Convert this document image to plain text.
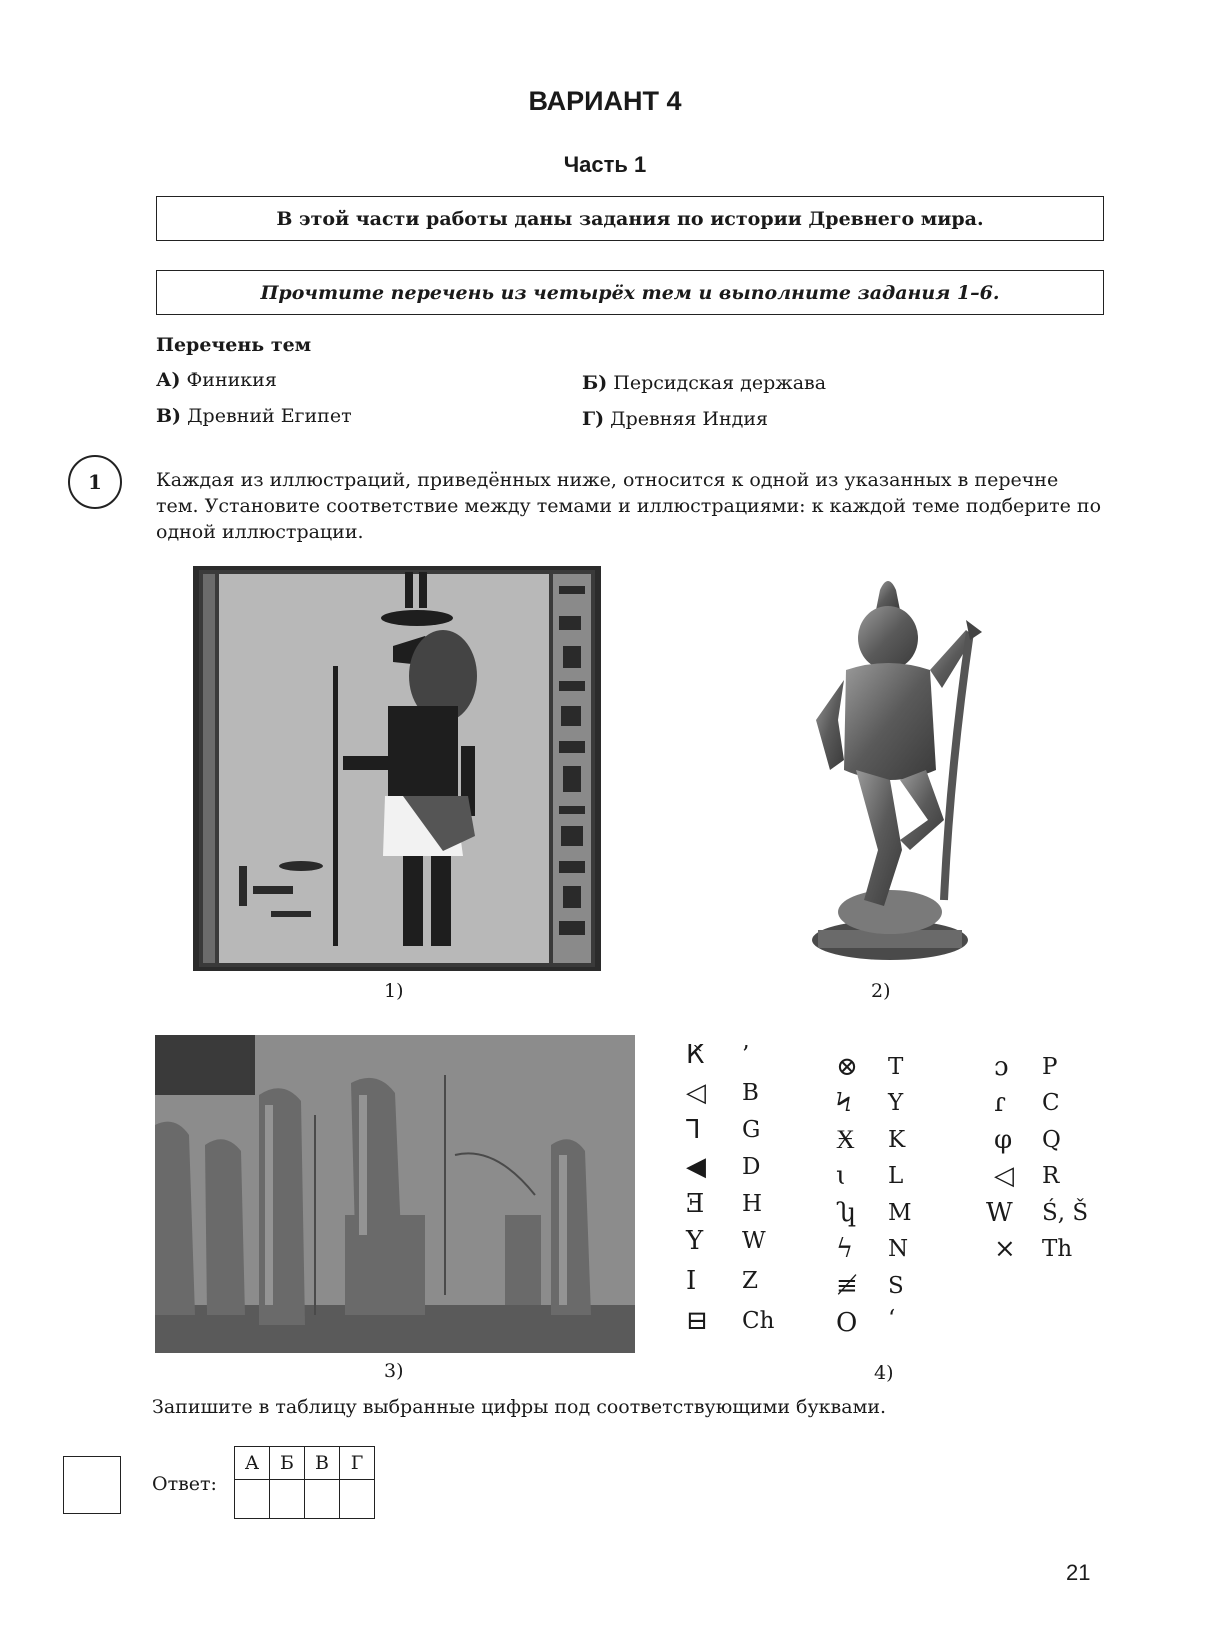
ВАРИАНТ 4
Часть 1
В этой части работы даны задания по истории Древнего мира.
Прочтите перечень из четырёх тем и выполните задания 1–6.
Перечень тем
А) Финикия	Б) Персидская держава
В) Древний Египет	Г) Древняя Индия
1	Каждая из иллюстраций, приведённых ниже, относится к одной из указанных в перечне тем. Установите соответствие между темами и иллюстрациями: к каждой теме подберите по одной иллюстрации.
1)	2)
3)
Ԟ ’
◁ B
⅂ G
◀ D
Ǝ H
Y W
I Z
⊟ Ch
⊗ T
Ϟ Y
Ӿ K
ɩ L
ʮ M
ϟ N
≢ S
O ‘
ɔ P
ɾ C
φ Q
◁ R
W Ś, Š
× Th
4)
Запишите в таблицу выбранные цифры под соответствующими буквами.
Ответ:
А	Б	В	Г

21
